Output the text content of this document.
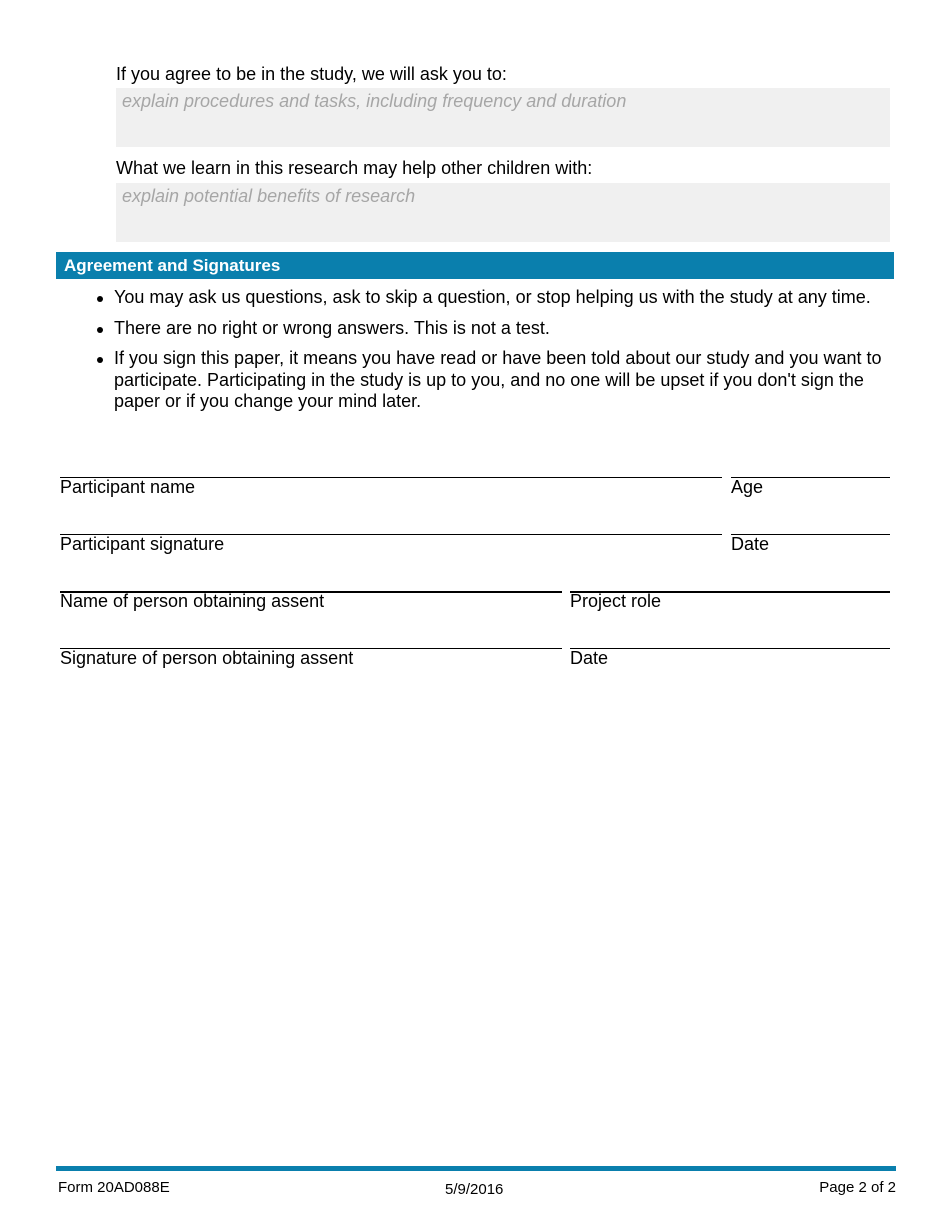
If you agree to be in the study, we will ask you to:
explain procedures and tasks, including frequency and duration
What we learn in this research may help other children with:
explain potential benefits of research
Agreement and Signatures
You may ask us questions, ask to skip a question, or stop helping us with the study at any time.
There are no right or wrong answers. This is not a test.
If you sign this paper, it means you have read or have been told about our study and you want to participate. Participating in the study is up to you, and no one will be upset if you don't sign the paper or if you change your mind later.
Participant name	Age
Participant signature	Date
Name of person obtaining assent	Project role
Signature of person obtaining assent	Date
Form 20AD088E	5/9/2016	Page 2 of 2
